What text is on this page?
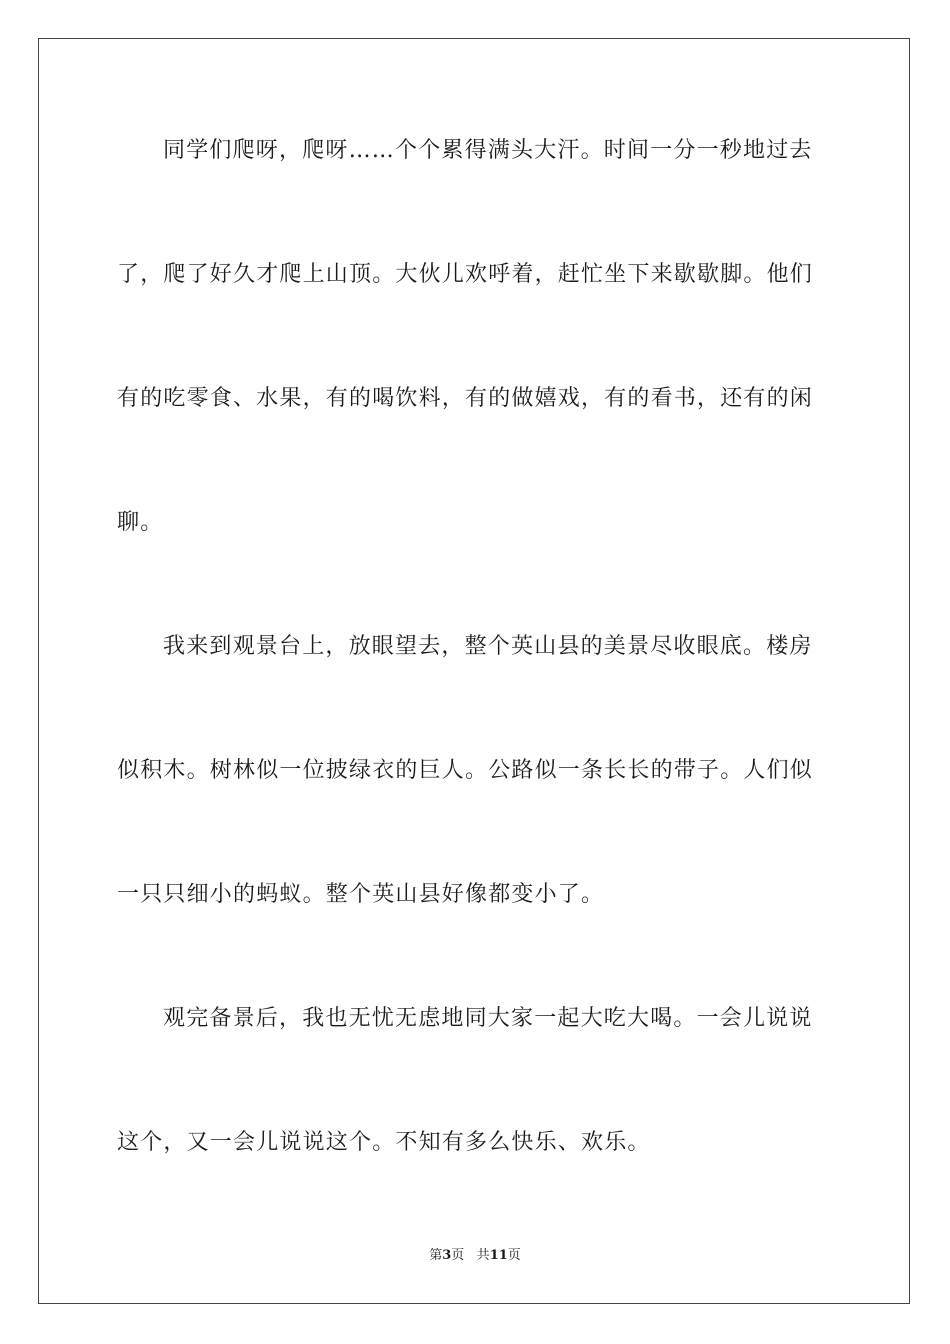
同学们爬呀，爬呀……个个累得满头大汗。时间一分一秒地过去
了，爬了好久才爬上山顶。大伙儿欢呼着，赶忙坐下来歇歇脚。他们
有的吃零食、水果，有的喝饮料，有的做嬉戏，有的看书，还有的闲
聊。
我来到观景台上，放眼望去，整个英山县的美景尽收眼底。楼房
似积木。树林似一位披绿衣的巨人。公路似一条长长的带子。人们似
一只只细小的蚂蚁。整个英山县好像都变小了。
观完备景后，我也无忧无虑地同大家一起大吃大喝。一会儿说说
这个，又一会儿说说这个。不知有多么快乐、欢乐。
第3页 共11页
